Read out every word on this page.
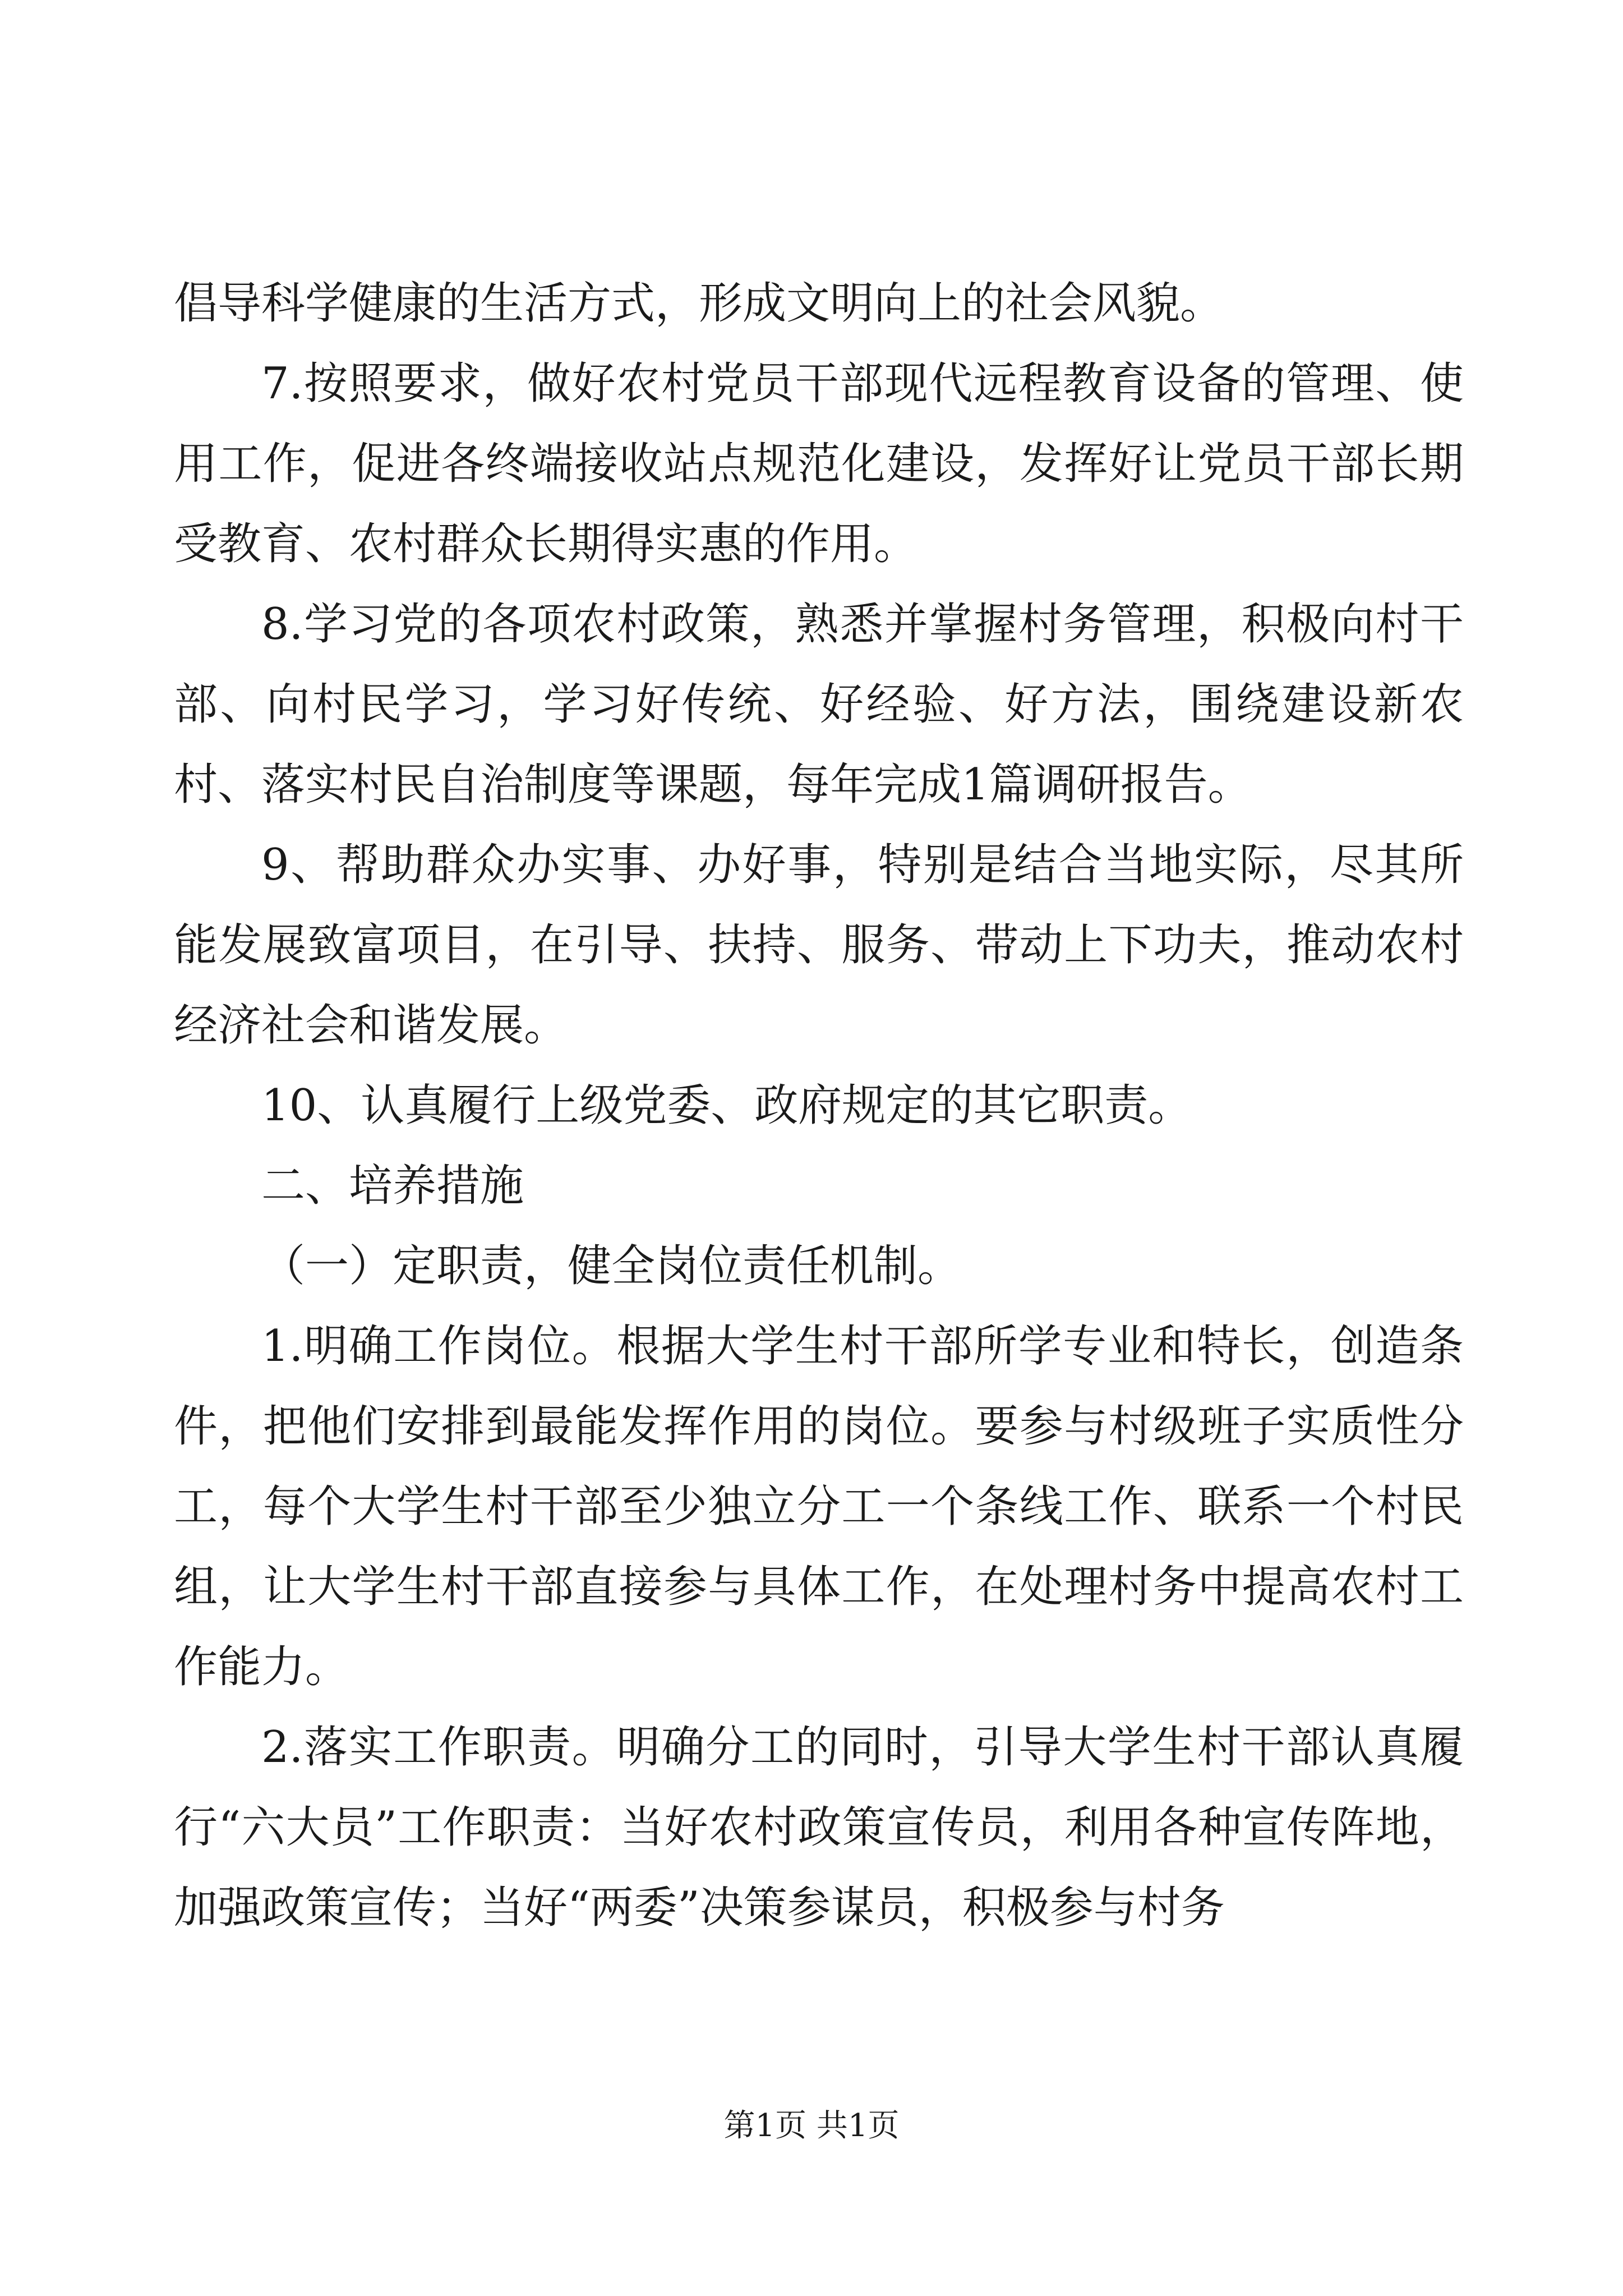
倡导科学健康的生活方式，形成文明向上的社会风貌。

7.按照要求，做好农村党员干部现代远程教育设备的管理、使用工作，促进各终端接收站点规范化建设，发挥好让党员干部长期受教育、农村群众长期得实惠的作用。

8.学习党的各项农村政策，熟悉并掌握村务管理，积极向村干部、向村民学习，学习好传统、好经验、好方法，围绕建设新农村、落实村民自治制度等课题，每年完成1篇调研报告。

9、帮助群众办实事、办好事，特别是结合当地实际，尽其所能发展致富项目，在引导、扶持、服务、带动上下功夫，推动农村经济社会和谐发展。

10、认真履行上级党委、政府规定的其它职责。

二、培养措施

（一）定职责，健全岗位责任机制。

1.明确工作岗位。根据大学生村干部所学专业和特长，创造条件，把他们安排到最能发挥作用的岗位。要参与村级班子实质性分工，每个大学生村干部至少独立分工一个条线工作、联系一个村民组，让大学生村干部直接参与具体工作，在处理村务中提高农村工作能力。

2.落实工作职责。明确分工的同时，引导大学生村干部认真履行“六大员”工作职责：当好农村政策宣传员，利用各种宣传阵地，加强政策宣传；当好“两委”决策参谋员，积极参与村务

第1页 共1页
